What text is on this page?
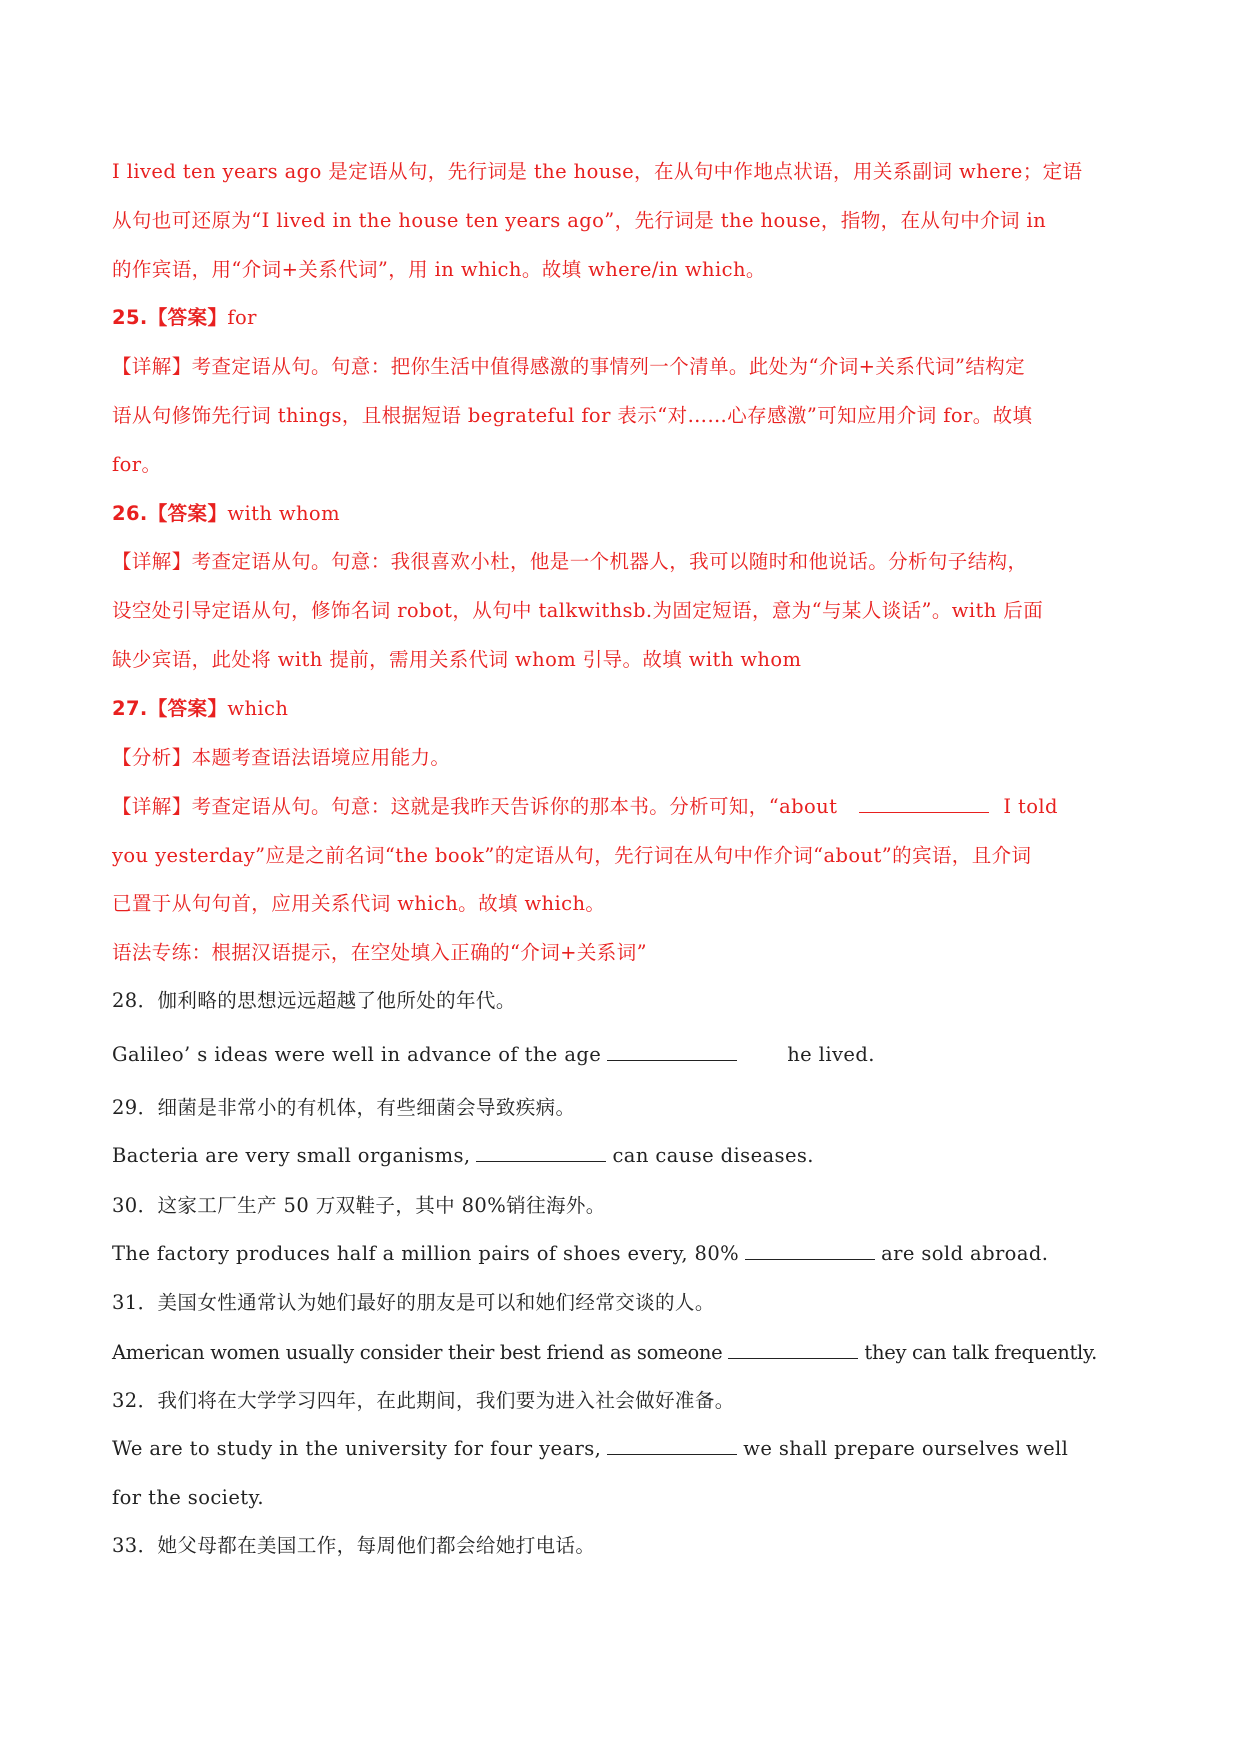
I lived ten years ago 是定语从句，先行词是 the house，在从句中作地点状语，用关系副词 where；定语
从句也可还原为“I lived in the house ten years ago”，先行词是 the house，指物，在从句中介词 in
的作宾语，用“介词+关系代词”，用 in which。故填 where/in which。
25.【答案】for
【详解】考查定语从句。句意：把你生活中值得感激的事情列一个清单。此处为“介词+关系代词”结构定
语从句修饰先行词 things，且根据短语 begrateful for 表示“对……心存感激”可知应用介词 for。故填
for。
26.【答案】with whom
【详解】考查定语从句。句意：我很喜欢小杜，他是一个机器人，我可以随时和他说话。分析句子结构，
设空处引导定语从句，修饰名词 robot，从句中 talkwithsb.为固定短语，意为“与某人谈话”。with 后面
缺少宾语，此处将 with 提前，需用关系代词 whom 引导。故填 with whom
27.【答案】which
【分析】本题考查语法语境应用能力。
【详解】考查定语从句。句意：这就是我昨天告诉你的那本书。分析可知，“about	I told
you yesterday”应是之前名词“the book”的定语从句，先行词在从句中作介词“about”的宾语，且介词
已置于从句句首，应用关系代词 which。故填 which。
语法专练：根据汉语提示，在空处填入正确的“介词+关系词”
28．伽利略的思想远远超越了他所处的年代。
Galileo’ s ideas were well in advance of the age	he lived.
29．细菌是非常小的有机体，有些细菌会导致疾病。
Bacteria are very small organisms,	can cause diseases.
30．这家工厂生产 50 万双鞋子，其中 80%销往海外。
The factory produces half a million pairs of shoes every, 80%	are sold abroad.
31．美国女性通常认为她们最好的朋友是可以和她们经常交谈的人。
American women usually consider their best friend as someone	they can talk frequently.
32．我们将在大学学习四年，在此期间，我们要为进入社会做好准备。
We are to study in the university for four years,	we shall prepare ourselves well
for the society.
33．她父母都在美国工作，每周他们都会给她打电话。
